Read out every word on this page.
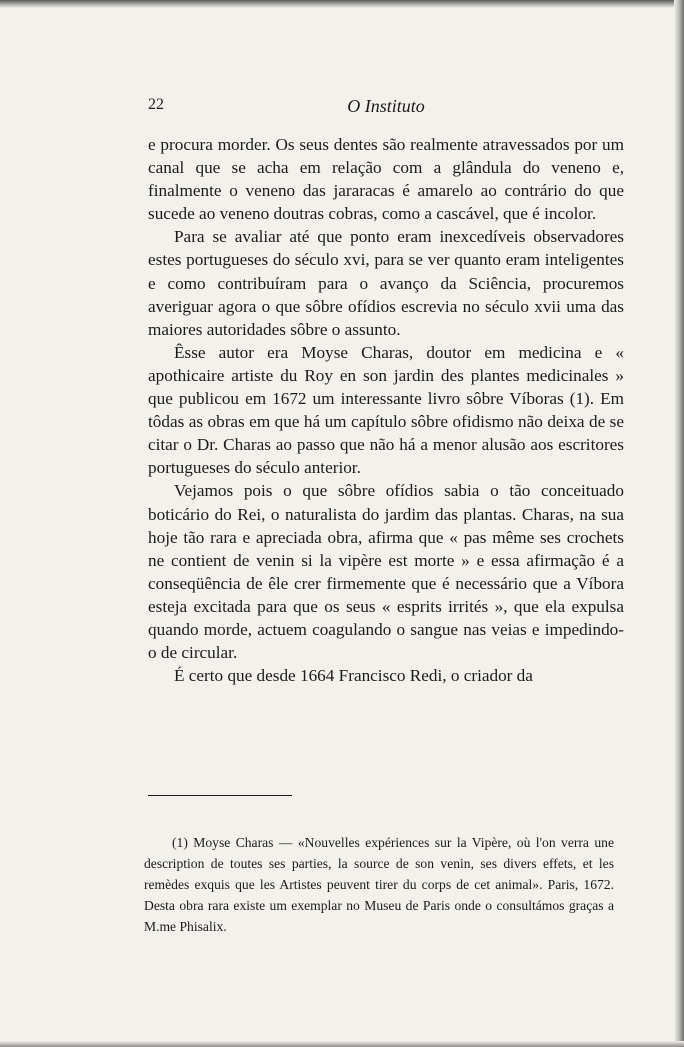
22	O Instituto

e procura morder. Os seus dentes são realmente atravessados por um canal que se acha em relação com a glândula do veneno e, finalmente o veneno das jararacas é amarelo ao contrário do que sucede ao veneno doutras cobras, como a cascável, que é incolor.

Para se avaliar até que ponto eram inexcedíveis observadores estes portugueses do século xvi, para se ver quanto eram inteligentes e como contribuíram para o avanço da Sciência, procuremos averiguar agora o que sôbre ofídios escrevia no século xvii uma das maiores autoridades sôbre o assunto.

Êsse autor era Moyse Charas, doutor em medicina e « apothicaire artiste du Roy en son jardin des plantes medicinales » que publicou em 1672 um interessante livro sôbre Víboras (1). Em tôdas as obras em que há um capítulo sôbre ofidismo não deixa de se citar o Dr. Charas ao passo que não há a menor alusão aos escritores portugueses do século anterior.

Vejamos pois o que sôbre ofídios sabia o tão conceituado boticário do Rei, o naturalista do jardim das plantas. Charas, na sua hoje tão rara e apreciada obra, afirma que « pas même ses crochets ne contient de venin si la vipère est morte » e essa afirmação é a conseqüência de êle crer firmemente que é necessário que a Víbora esteja excitada para que os seus « esprits irrités », que ela expulsa quando morde, actuem coagulando o sangue nas veias e impedindo-o de circular.

É certo que desde 1664 Francisco Redi, o criador da

(1) Moyse Charas — «Nouvelles expériences sur la Vipère, où l'on verra une description de toutes ses parties, la source de son venin, ses divers effets, et les remèdes exquis que les Artistes peuvent tirer du corps de cet animal». Paris, 1672. Desta obra rara existe um exemplar no Museu de Paris onde o consultámos graças a M.me Phisalix.
